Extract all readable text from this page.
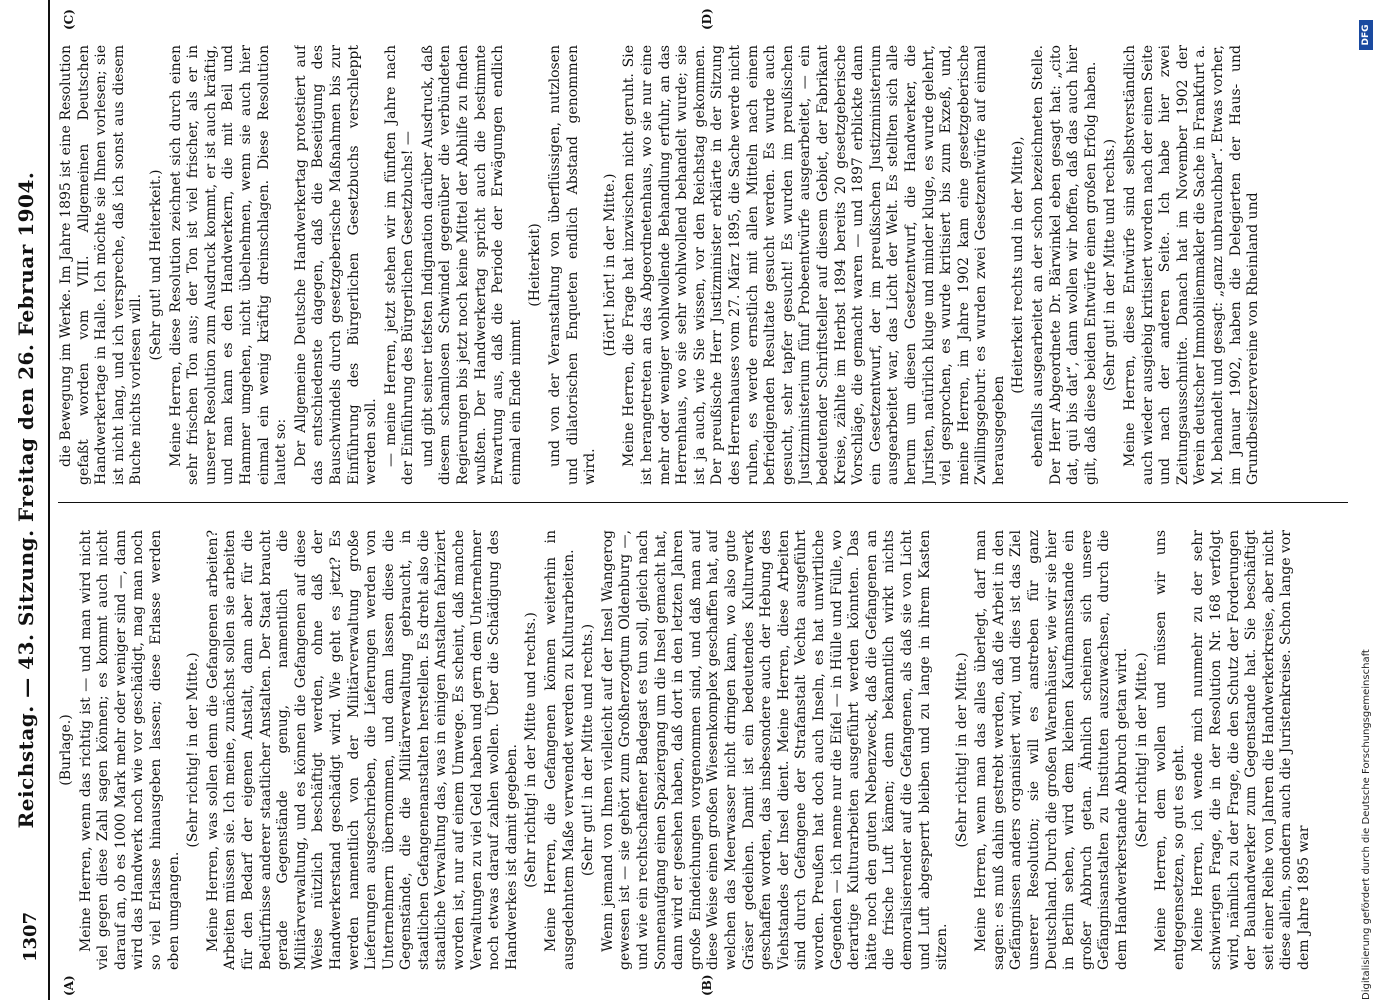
1307
Reichstag. — 43. Sitzung. Freitag den 26. Februar 1904.
(A)	(B)
(C)	(D)

(Burlage.) Meine Herren, wenn das richtig ist — und man wird nicht viel gegen diese Zahl sagen können; es kommt auch nicht darauf an, ob es 1000 Mark mehr oder weniger sind —, dann wird das Handwerk noch wie vor geschädigt, mag man noch so viel Erlasse hinausgeben lassen; diese Erlasse werden eben umgangen.

(Sehr richtig! in der Mitte.) Meine Herren, was sollen denn die Gefangenen arbeiten? Arbeiten müssen sie. Ich meine, zunächst sollen sie arbeiten für den Bedarf der eigenen Anstalt, dann aber für die Bedürfnisse anderer staatlicher Anstalten. Der Staat braucht gerade Gegenstände genug, namentlich die Militärverwaltung, und es können die Gefangenen auf diese Weise nützlich beschäftigt werden, ohne daß der Handwerkerstand geschädigt wird. Wie geht es jetzt? Es werden namentlich von der Militärverwaltung große Lieferungen ausgeschrieben, die Lieferungen werden von Unternehmern übernommen, und dann lassen diese die Gegenstände, die die Militärverwaltung gebraucht, in staatlichen Gefangenenanstalten herstellen. Es dreht also die staatliche Verwaltung das, was in einigen Anstalten fabriziert worden ist, nur auf einem Umwege. Es scheint, daß manche Verwaltungen zu viel Geld haben und gern dem Unternehmer noch etwas darauf zahlen wollen. Über die Schädigung des Handwerkes ist damit gegeben. (Sehr richtig! in der Mitte und rechts.) Meine Herren, die Gefangenen können weiterhin in ausgedehntem Maße verwendet werden zu Kulturarbeiten. (Sehr gut! in der Mitte und rechts.) Wenn jemand von Ihnen vielleicht auf der Insel Wangerog gewesen ist — sie gehört zum Großherzogtum Oldenburg —, und wie ein rechtschaffener Badegast es tun soll, gleich nach Sonnenaufgang einen Spaziergang um die Insel gemacht hat, dann wird er gesehen haben, daß dort in den letzten Jahren große Eindeichungen vorgenommen sind, und daß man auf diese Weise einen großen Wiesenkomplex geschaffen hat, auf welchen das Meerwasser nicht dringen kann, wo also gute Gräser gedeihen. Damit ist ein bedeutendes Kulturwerk geschaffen worden, das insbesondere auch der Hebung des Viehstandes der Insel dient. Meine Herren, diese Arbeiten sind durch Gefangene der Strafanstalt Vechta ausgeführt worden. Preußen hat doch auch Inseln, es hat unwirtliche Gegenden — ich nenne nur die Eifel — in Hülle und Fülle, wo derartige Kulturarbeiten ausgeführt werden könnten. Das hätte noch den guten Nebenzweck, daß die Gefangenen an die frische Luft kämen; denn bekanntlich wirkt nichts demoralisierender auf die Gefangenen, als daß sie von Licht und Luft abgesperrt bleiben und zu lange in ihrem Kasten sitzen.

(Sehr richtig! in der Mitte.) Meine Herren, wenn man das alles überlegt, darf man sagen: es muß dahin gestrebt werden, daß die Arbeit in den Gefängnissen anders organisiert wird, und dies ist das Ziel unserer Resolution; sie will es anstreben für ganz Deutschland. Durch die großen Warenhäuser, wie wir sie hier in Berlin sehen, wird dem kleinen Kaufmannsstande ein großer Abbruch getan. Ähnlich scheinen sich unsere Gefängnisanstalten zu Instituten auszuwachsen, durch die dem Handwerkerstande Abbruch getan wird. (Sehr richtig! in der Mitte.) Meine Herren, dem wollen und müssen wir uns entgegensetzen, so gut es geht. Meine Herren, ich wende mich nunmehr zu der sehr schwierigen Frage, die in der Resolution Nr. 168 verfolgt wird, nämlich zu der Frage, die den Schutz der Forderungen der Bauhandwerker zum Gegenstande hat. Sie beschäftigt seit einer Reihe von Jahren die Handwerkerkreise, aber nicht diese allein, sondern auch die Juristenkreise. Schon lange vor dem Jahre 1895 war

die Bewegung im Werke. Im Jahre 1895 ist eine Resolution gefaßt worden vom VIII. Allgemeinen Deutschen Handwerkertage in Halle. Ich möchte sie Ihnen vorlesen; sie ist nicht lang, und ich verspreche, daß ich sonst aus diesem Buche nichts vorlesen will.

(Sehr gut! und Heiterkeit.) Meine Herren, diese Resolution zeichnet sich durch einen sehr frischen Ton aus; der Ton ist viel frischer, als er in unserer Resolution zum Ausdruck kommt, er ist auch kräftig, und man kann es den Handwerkern, die mit Beil und Hammer umgehen, nicht übelnehmen, wenn sie auch hier einmal ein wenig kräftig dreinschlagen. Diese Resolution lautet so: Der Allgemeine Deutsche Handwerkertag protestiert auf das entschiedenste dagegen, daß die Beseitigung des Bauschwindels durch gesetzgeberische Maßnahmen bis zur Einführung des Bürgerlichen Gesetzbuchs verschleppt werden soll. — meine Herren, jetzt stehen wir im fünften Jahre nach der Einführung des Bürgerlichen Gesetzbuchs! — und gibt seiner tiefsten Indignation darüber Ausdruck, daß diesem schamlosen Schwindel gegenüber die verbündeten Regierungen bis jetzt noch keine Mittel der Abhilfe zu finden wußten. Der Handwerkertag spricht auch die bestimmte Erwartung aus, daß die Periode der Erwägungen endlich einmal ein Ende nimmt

(Heiterkeit) und von der Veranstaltung von überflüssigen, nutzlosen und dilatorischen Enqueten endlich Abstand genommen wird.

(Hört! hört! in der Mitte.) Meine Herren, die Frage hat inzwischen nicht geruht. Sie ist herangetreten an das Abgeordnetenhaus, wo sie nur eine mehr oder weniger wohlwollende Behandlung erfuhr, an das Herrenhaus, wo sie sehr wohlwollend behandelt wurde; sie ist ja auch, wie Sie wissen, vor den Reichstag gekommen. Der preußische Herr Justizminister erklärte in der Sitzung des Herrenhauses vom 27. März 1895, die Sache werde nicht ruhen, es werde ernstlich mit allen Mitteln nach einem befriedigenden Resultate gesucht werden. Es wurde auch gesucht, sehr tapfer gesucht! Es wurden im preußischen Justizministerium fünf Probeentwürfe ausgearbeitet, — ein bedeutender Schriftsteller auf diesem Gebiet, der Fabrikant Kreise, zählte im Herbst 1894 bereits 20 gesetzgeberische Vorschläge, die gemacht waren — und 1897 erblickte dann ein Gesetzentwurf, der im preußischen Justizministerium ausgearbeitet war, das Licht der Welt. Es stellten sich alle herum um diesen Gesetzentwurf, die Handwerker, die Juristen, natürlich kluge und minder kluge, es wurde gelehrt, viel gesprochen, es wurde kritisiert bis zum Exzeß, und, meine Herren, im Jahre 1902 kam eine gesetzgeberische Zwillingsgeburt: es wurden zwei Gesetzentwürfe auf einmal herausgegeben

(Heiterkeit rechts und in der Mitte), ebenfalls ausgearbeitet an der schon bezeichneten Stelle. Der Herr Abgeordnete Dr. Bärwinkel eben gesagt hat: „cito dat, qui bis dat“, dann wollen wir hoffen, daß das auch hier gilt, daß diese beiden Entwürfe einen großen Erfolg haben. (Sehr gut! in der Mitte und rechts.) Meine Herren, diese Entwürfe sind selbstverständlich auch wieder ausgiebig kritisiert worden nach der einen Seite und nach der anderen Seite. Ich habe hier zwei Zeitungsausschnitte. Danach hat im November 1902 der Verein deutscher Immobilienmakler die Sache in Frankfurt a. M. behandelt und gesagt: „ganz unbrauchbar“. Etwas vorher, im Januar 1902, haben die Delegierten der Haus- und Grundbesitzervereine von Rheinland und

Digitalisierung gefördert durch die Deutsche Forschungsgemeinschaft
DFG
